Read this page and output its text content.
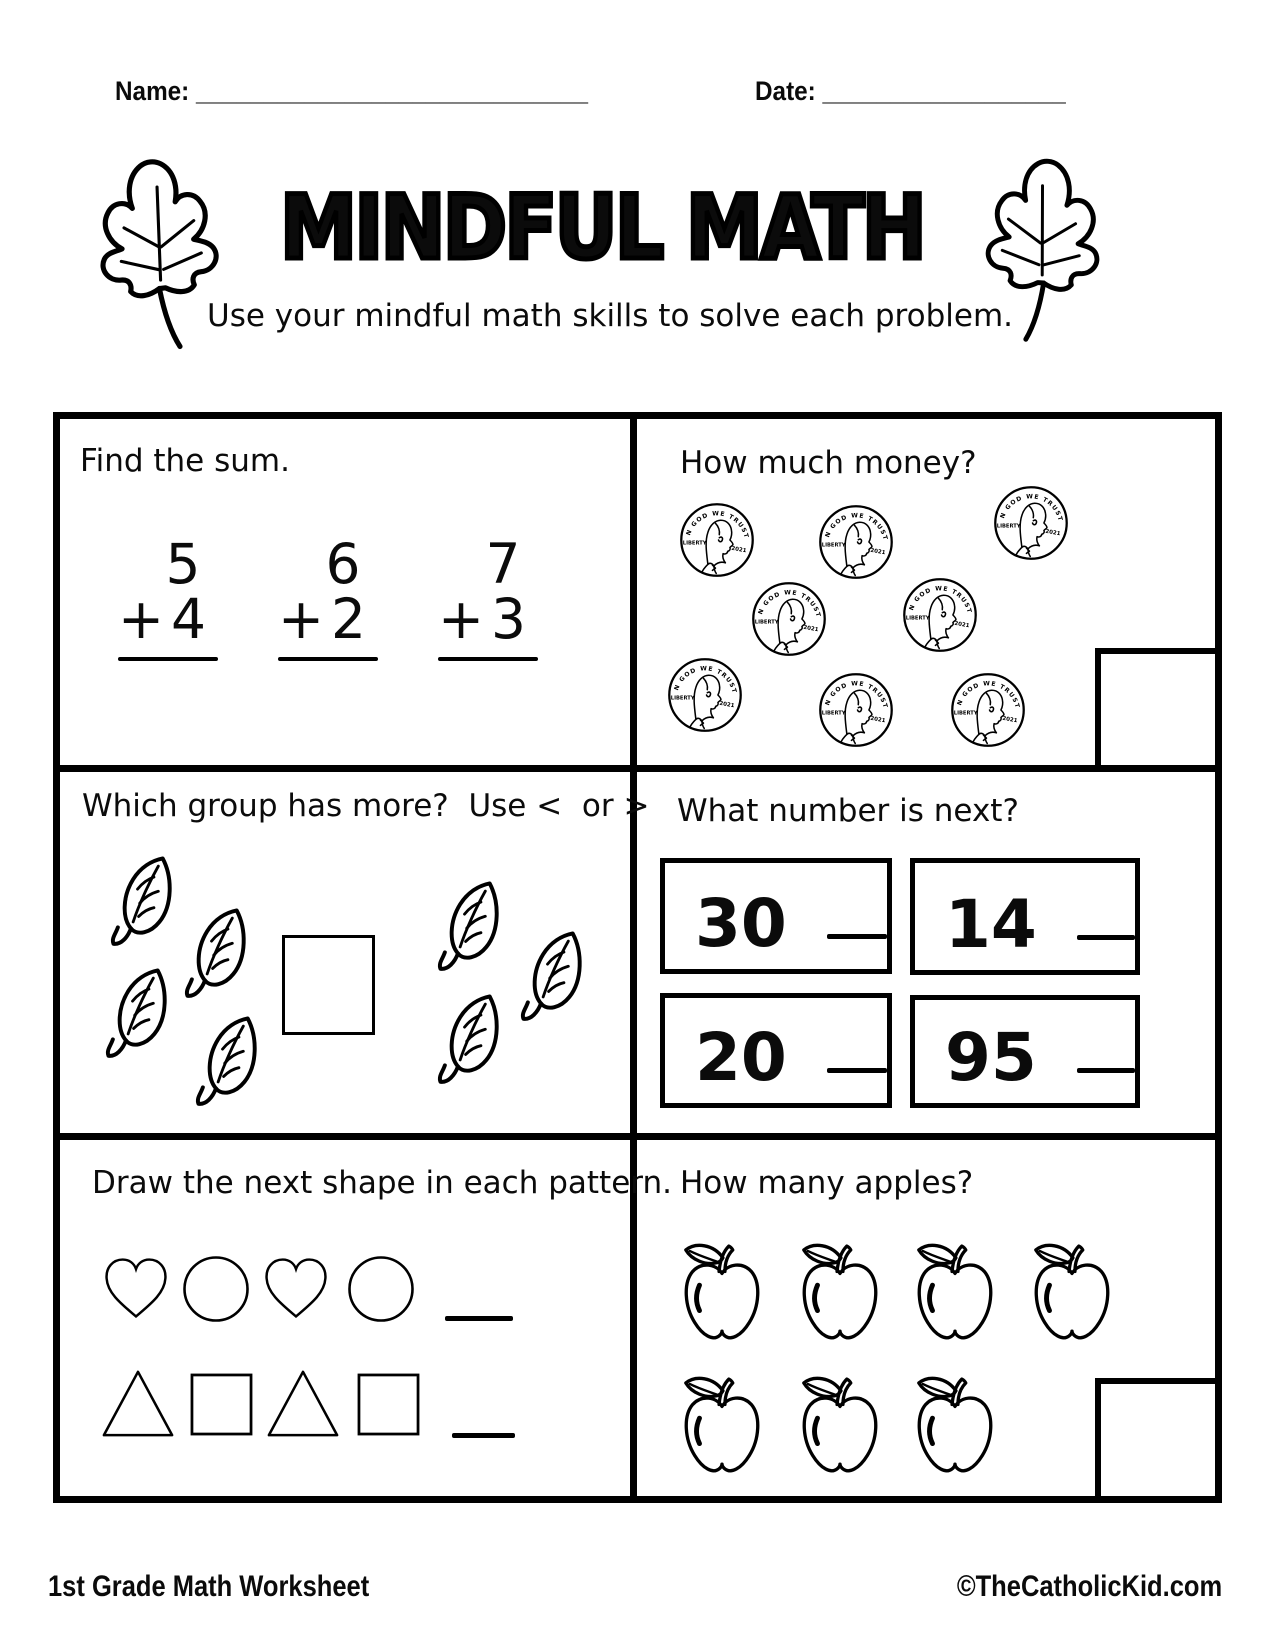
Name: _____________________________	Date: __________________
MINDFUL MATH
Use your mindful math skills to solve each problem.
Find the sum.
5
+ 4
6
+ 2
7
+ 3
How much money?
Which group has more?  Use <  or > What number is next?
30 14
20 95
Draw the next shape in each pattern. How many apples?
1st Grade Math Worksheet	©TheCatholicKid.com
